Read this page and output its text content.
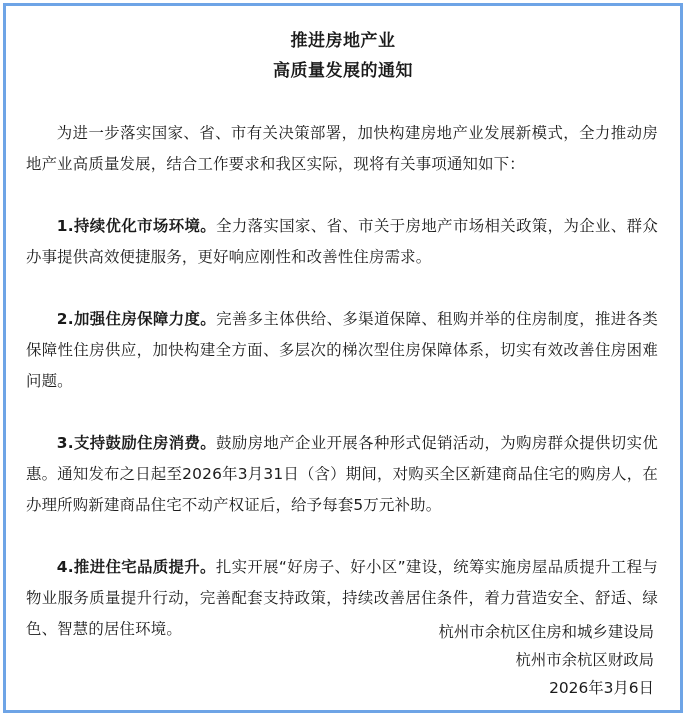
推进房地产业
高质量发展的通知

为进一步落实国家、省、市有关决策部署，加快构建房地产业发展新模式，全力推动房地产业高质量发展，结合工作要求和我区实际，现将有关事项通知如下：

1.持续优化市场环境。全力落实国家、省、市关于房地产市场相关政策，为企业、群众办事提供高效便捷服务，更好响应刚性和改善性住房需求。

2.加强住房保障力度。完善多主体供给、多渠道保障、租购并举的住房制度，推进各类保障性住房供应，加快构建全方面、多层次的梯次型住房保障体系，切实有效改善住房困难问题。

3.支持鼓励住房消费。鼓励房地产企业开展各种形式促销活动，为购房群众提供切实优惠。通知发布之日起至2026年3月31日（含）期间，对购买全区新建商品住宅的购房人，在办理所购新建商品住宅不动产权证后，给予每套5万元补助。

4.推进住宅品质提升。扎实开展“好房子、好小区”建设，统筹实施房屋品质提升工程与物业服务质量提升行动，完善配套支持政策，持续改善居住条件，着力营造安全、舒适、绿色、智慧的居住环境。	杭州市余杭区住房和城乡建设局
杭州市余杭区财政局
2026年3月6日
